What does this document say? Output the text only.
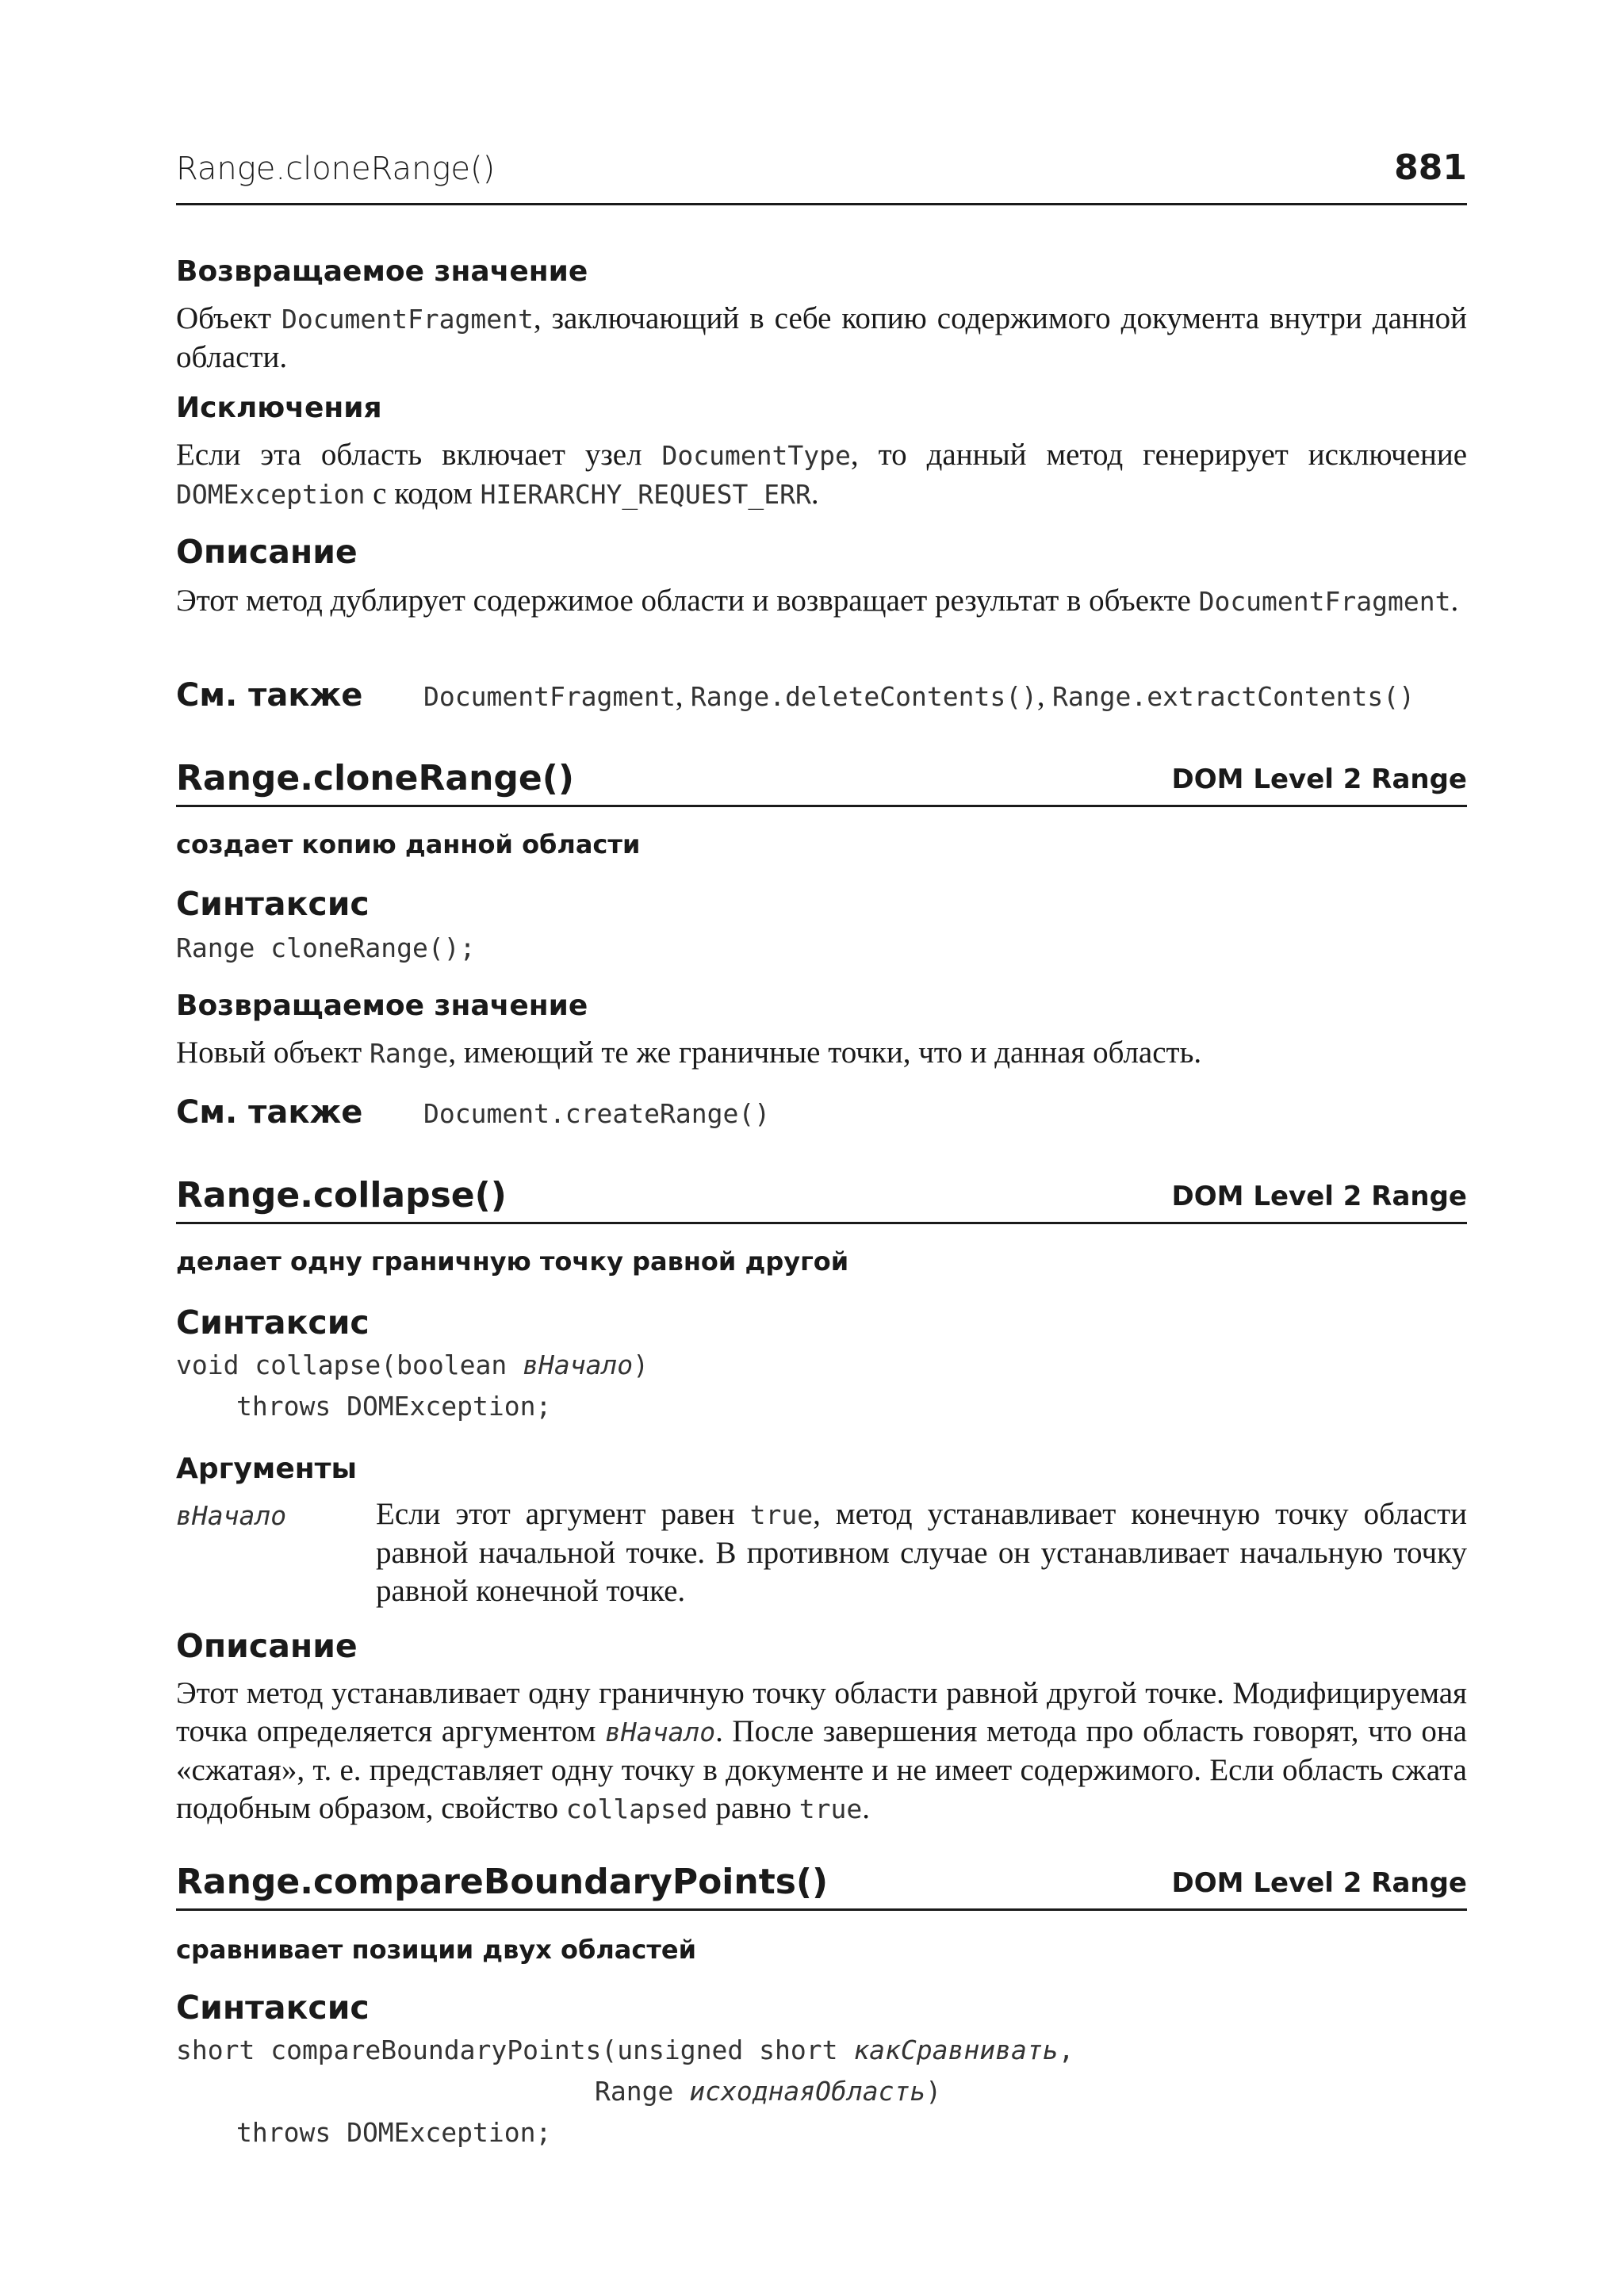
Range.cloneRange()	881
Возвращаемое значение
Объект DocumentFragment, заключающий в себе копию содержимого документа внутри данной области.
Исключения
Если эта область включает узел DocumentType, то данный метод генерирует исключение DOMException с кодом HIERARCHY_REQUEST_ERR.
Описание
Этот метод дублирует содержимое области и возвращает результат в объекте DocumentFragment.
См. также	DocumentFragment, Range.deleteContents(), Range.extractContents()
Range.cloneRange()	DOM Level 2 Range
создает копию данной области
Синтаксис
Range cloneRange();
Возвращаемое значение
Новый объект Range, имеющий те же граничные точки, что и данная область.
См. также	Document.createRange()
Range.collapse()	DOM Level 2 Range
делает одну граничную точку равной другой
Синтаксис
void collapse(boolean вНачало)
throws DOMException;
Аргументы
вНачало	Если этот аргумент равен true, метод устанавливает конечную точку области равной начальной точке. В противном случае он устанавливает начальную точку равной конечной точке.
Описание
Этот метод устанавливает одну граничную точку области равной другой точке. Модифицируемая точка определяется аргументом вНачало. После завершения метода про область говорят, что она «сжатая», т. е. представляет одну точку в документе и не имеет содержимого. Если область сжата подобным образом, свойство collapsed равно true.
Range.compareBoundaryPoints()	DOM Level 2 Range
сравнивает позиции двух областей
Синтаксис
short compareBoundaryPoints(unsigned short какСравнивать,
Range исходнаяОбласть)
throws DOMException;
